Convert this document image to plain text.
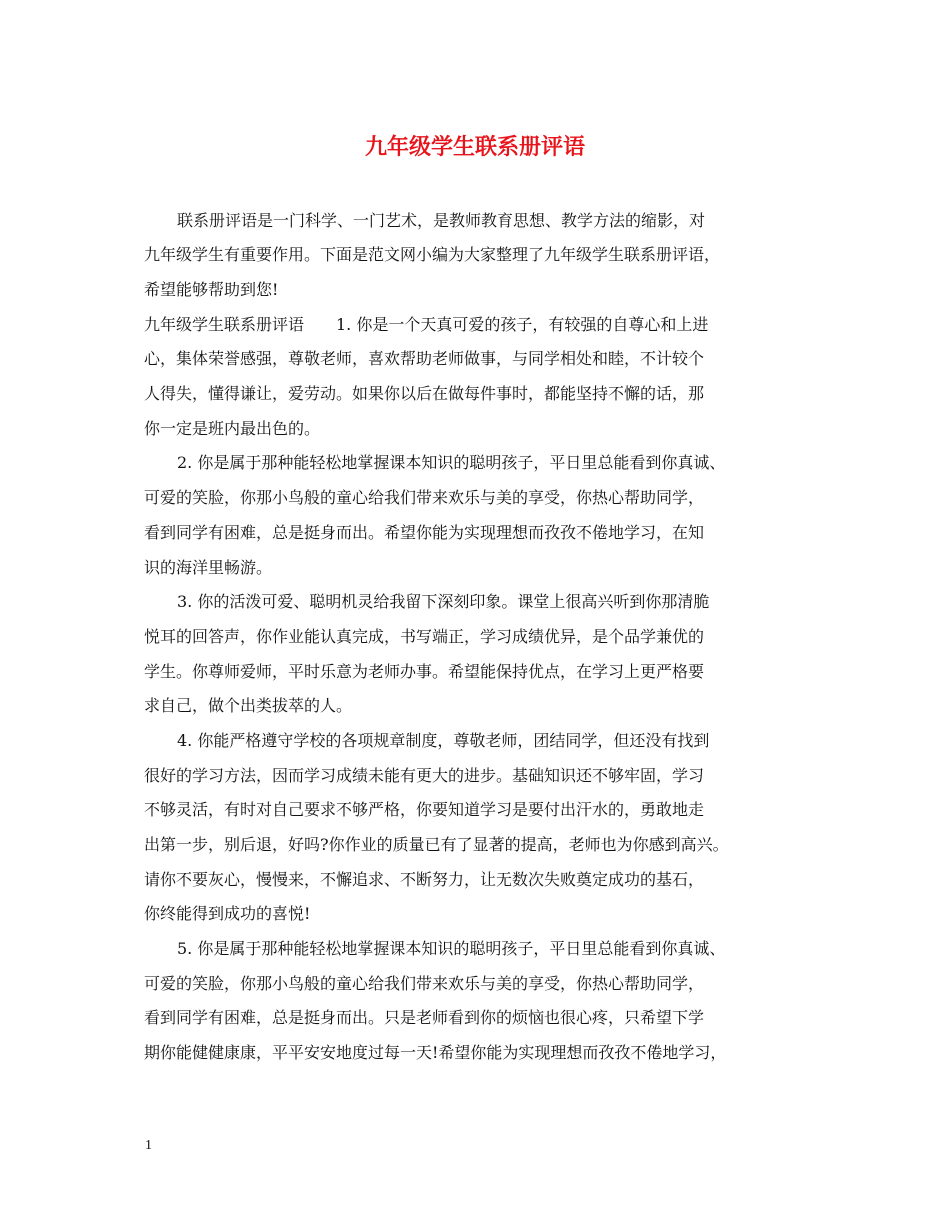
九年级学生联系册评语
联系册评语是一门科学、一门艺术，是教师教育思想、教学方法的缩影，对
九年级学生有重要作用。下面是范文网小编为大家整理了九年级学生联系册评语，
希望能够帮助到您!
九年级学生联系册评语　　1. 你是一个天真可爱的孩子，有较强的自尊心和上进
心，集体荣誉感强，尊敬老师，喜欢帮助老师做事，与同学相处和睦，不计较个
人得失，懂得谦让，爱劳动。如果你以后在做每件事时，都能坚持不懈的话，那
你一定是班内最出色的。
2. 你是属于那种能轻松地掌握课本知识的聪明孩子，平日里总能看到你真诚、
可爱的笑脸，你那小鸟般的童心给我们带来欢乐与美的享受，你热心帮助同学，
看到同学有困难，总是挺身而出。希望你能为实现理想而孜孜不倦地学习，在知
识的海洋里畅游。
3. 你的活泼可爱、聪明机灵给我留下深刻印象。课堂上很高兴听到你那清脆
悦耳的回答声，你作业能认真完成，书写端正，学习成绩优异，是个品学兼优的
学生。你尊师爱师，平时乐意为老师办事。希望能保持优点，在学习上更严格要
求自己，做个出类拔萃的人。
4. 你能严格遵守学校的各项规章制度，尊敬老师，团结同学，但还没有找到
很好的学习方法，因而学习成绩未能有更大的进步。基础知识还不够牢固，学习
不够灵活，有时对自己要求不够严格，你要知道学习是要付出汗水的，勇敢地走
出第一步，别后退，好吗?你作业的质量已有了显著的提高，老师也为你感到高兴。
请你不要灰心，慢慢来，不懈追求、不断努力，让无数次失败奠定成功的基石，
你终能得到成功的喜悦!
5. 你是属于那种能轻松地掌握课本知识的聪明孩子，平日里总能看到你真诚、
可爱的笑脸，你那小鸟般的童心给我们带来欢乐与美的享受，你热心帮助同学，
看到同学有困难，总是挺身而出。只是老师看到你的烦恼也很心疼，只希望下学
期你能健健康康，平平安安地度过每一天!希望你能为实现理想而孜孜不倦地学习，
1
